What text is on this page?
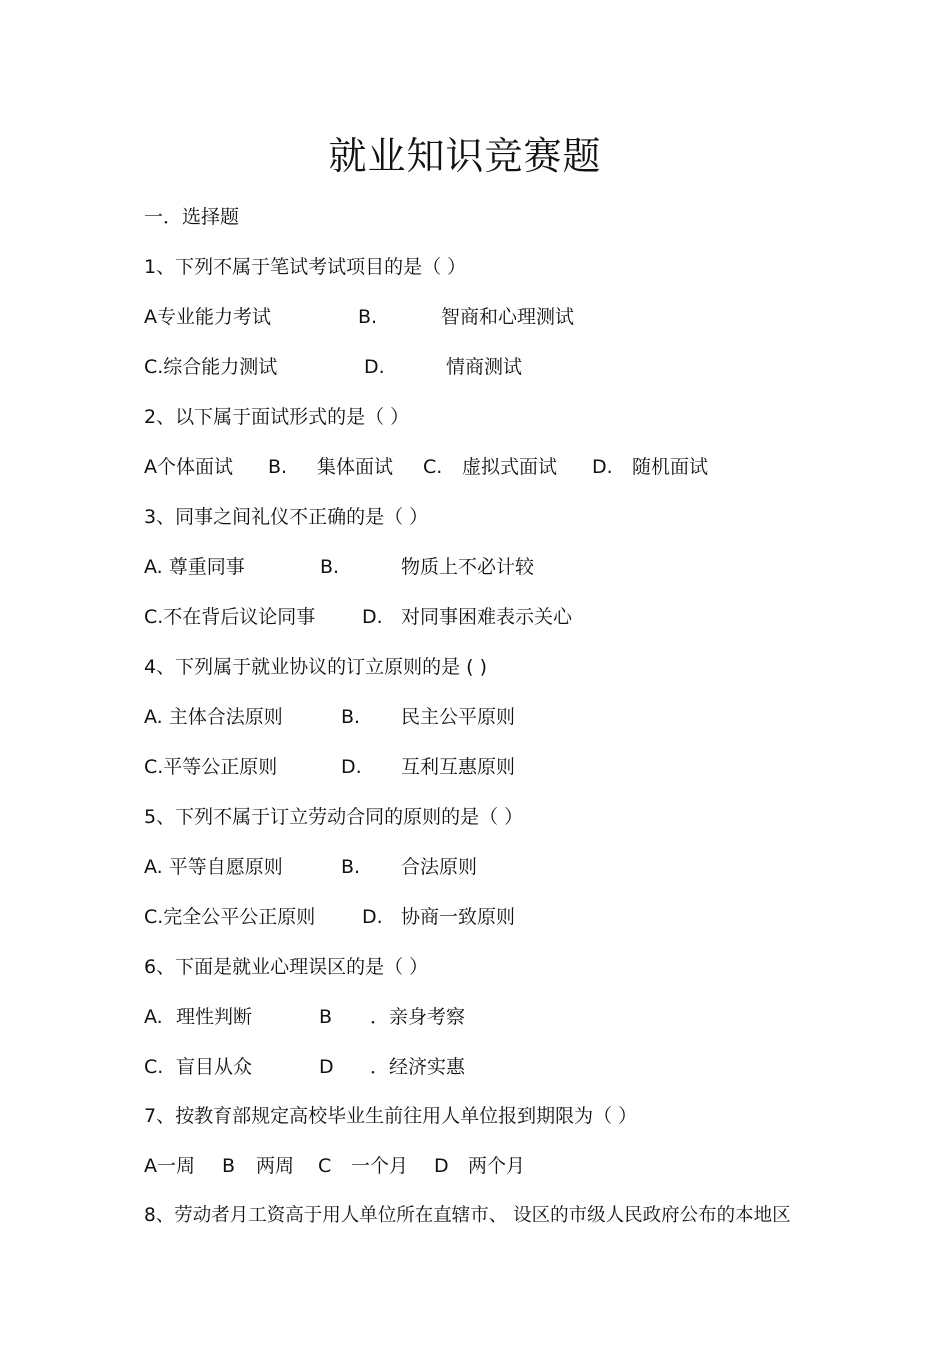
就业知识竞赛题
一．选择题
1、下列不属于笔试考试项目的是（ ）
A专业能力考试	B.	智商和心理测试
C.综合能力测试	D.	情商测试
2、以下属于面试形式的是（ ）
A个体面试 B. 集体面试 C. 虚拟式面试 D. 随机面试
3、同事之间礼仪不正确的是（ ）
A. 尊重同事	B.	物质上不必计较
C.不在背后议论同事 D. 对同事困难表示关心
4、下列属于就业协议的订立原则的是 ( )
A. 主体合法原则	B. 民主公平原则
C.平等公正原则	D. 互利互惠原则
5、下列不属于订立劳动合同的原则的是（ ）
A. 平等自愿原则	B. 合法原则
C.完全公平公正原则 D. 协商一致原则
6、下面是就业心理误区的是（ ）
A. 理性判断	B ．亲身考察
C. 盲目从众	D ．经济实惠
7、按教育部规定高校毕业生前往用人单位报到期限为（ ）
A一周 B 两周 C 一个月 D 两个月
8、劳动者月工资高于用人单位所在直辖市、 设区的市级人民政府公布的本地区
